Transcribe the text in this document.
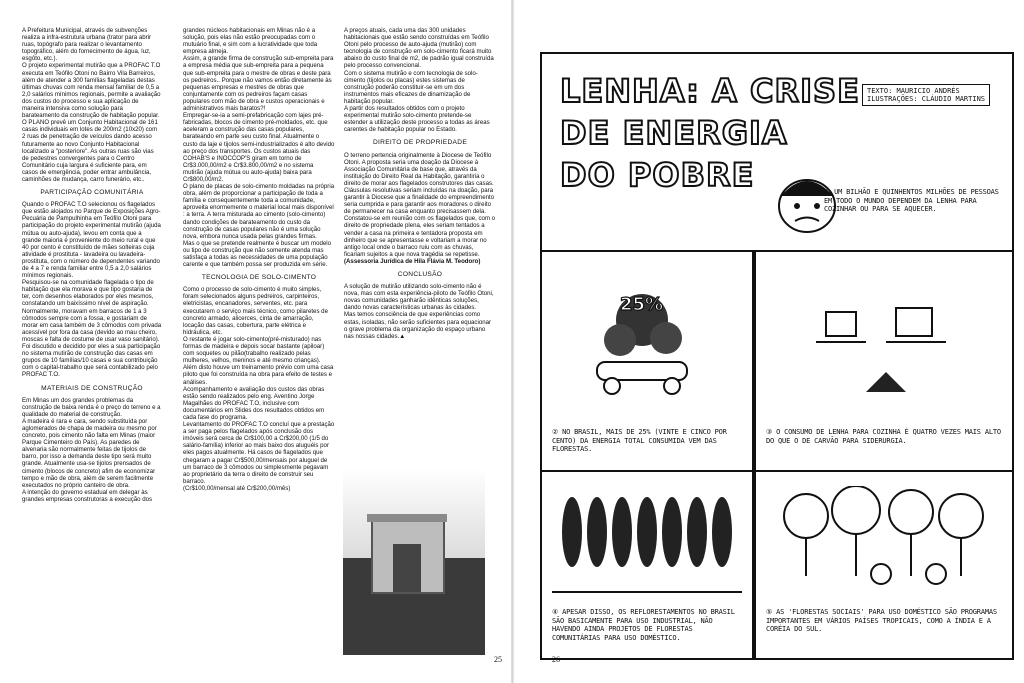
A Prefeitura Municipal, através de subvenções realiza a infra-estrutura urbana (trator para abrir ruas, topógrafo para realizar o levantamento topográfico, além do fornecimento de água, luz, esgôto, etc.).

O projeto experimental mutirão que a PROFAC T.O executa em Teófilo Otoni no Bairro Vila Barreiros, além de atender a 300 famílias flageladas destas últimas chuvas com renda mensal familiar de 0,5 a 2,0 salários mínimos regionais, permite a avaliação dos custos do processo e sua aplicação de maneira intensiva como solução para barateamento da construção de habitação popular.

O PLANO prevê um Conjunto Habitacional de 161 casas individuais em lotes de 200m2 (10x20) com 2 ruas de penetração de veículos dando acesso futuramente ao novo Conjunto Habitacional localizado a "posteriore". As outras ruas são vias de pedestres convergentes para o Centro Comunitário cuja largura é suficiente para, em casos de emergência, poder entrar ambulância, caminhões de mudança, carro funerário, etc..

PARTICIPAÇÃO COMUNITÁRIA

Quando o PROFAC T.O selecionou os flagelados que estão alojados no Parque de Exposições Agro-Pecuária de Pampulhinha em Teófilo Otoni para participação do projeto experimental mutirão (ajuda mútua ou auto-ajuda), levou em conta que a grande maioria é proveniente do meio rural e que 40 por cento é constituído de mães solteiras cuja atividade é prostituta - lavadeira ou lavadeira-prostituta, com o número de dependentes variando de 4 a 7 e renda familiar entre 0,5 a 2,0 salários mínimos regionais.

Pesquisou-se na comunidade flagelada o tipo de habitação que ela morava e que tipo gostaria de ter, com desenhos elaborados por eles mesmos, constatando um baixíssimo nível de aspiração. Normalmente, moravam em barracos de 1 a 3 cômodos sempre com a fossa, e gostariam de morar em casa também de 3 cômodos com privada acessível por fora da casa (devido ao mau cheiro, moscas e falta de costume de usar vaso sanitário). Foi discutido e decidido por eles a sua participação no sistema mutirão de construção das casas em grupos de 10 famílias/10 casas e sua contribuição com o capital-trabalho que será contabilizado pelo PROFAC T.O.

MATERIAIS DE CONSTRUÇÃO

Em Minas um dos grandes problemas da construção de baixa renda é o preço do terreno e a qualidade do material de construção.

A madeira é rara e cara, sendo substituída por aglomerados de chapa de madeira ou mesmo por concreto, pois cimento não falta em Minas (maior Parque Cimenteiro do País). As paredes de alvenaria são normalmente feitas de tijolos de barro, por isso a demanda deste tipo será muito grande. Atualmente usa-se tijolos prensados de cimento (blocos de concreto) afim de economizar tempo e mão de obra, além de serem facilmente executados no próprio canteiro de obra.

A intenção do governo estadual em delegar às grandes empresas construtoras a execução dos

grandes núcleos habitacionais em Minas não é a solução, pois elas não estão preocupadas com o mutuário final, e sim com a lucratividade que toda empresa almeja.

Assim, a grande firma de construção sub-empreita para a empresa média que sub-empreita para a pequena que sub-empreita para o mestre de obras e deste para os pedreiros.. Porque não vamos então diretamente às pequenas empresas e mestres de obras que conjuntamente com os pedreiros façam casas populares com mão de obra e custos operacionais e administrativos mais baratos?!

Empregar-se-ia a semi-prefabricação com lajes pré-fabricadas, blocos de cimento pré-moldados, etc. que aceleram a construção das casas populares, barateando em parte seu custo final. Atualmente o custo da laje e tijolos semi-industrializados é alto devido ao preço dos transportes. Os custos atuais das COHAB'S e INOCCOP'S giram em torno de Cr$3.000,00/m2 e Cr$3.800,00/m2 e no sistema mutirão (ajuda mútua ou auto-ajuda) baixa para Cr$800,00/m2.

O plano de placas de solo-cimento moldadas na própria obra, além de proporcionar a participação de toda a família e consequentemente toda a comunidade, aproveita enormemente o material local mais disponível : a terra. A terra misturada ao cimento (solo-cimento) dando condições de barateamento do custo da construção de casas populares não é uma solução nova, embora nunca usada pelas grandes firmas.

Mas o que se pretende realmente é buscar um modelo ou tipo de construção que não somente atenda mas satisfaça a todas as necessidades de uma população carente e que também possa ser produzida em série.

TECNOLOGIA DE SOLO-CIMENTO

Como o processo de solo-cimento é muito simples, foram selecionados alguns pedreiros, carpinteiros, eletricistas, encanadores, serventes, etc. para executarem o serviço mais técnico, como pilaretes de concreto armado, alicerces, cinta de amarração, locação das casas, cobertura, parte elétrica e hidráulica, etc.

O restante é jogar solo-cimento(pré-misturado) nas formas de madeira e depois socar bastante (apiloar) com soquetes ou pilão(trabalho realizado pelas mulheres, velhos, meninos e até mesmo crianças).

Além disto houve um treinamento prévio com uma casa piloto que foi construída na obra para efeito de testes e análises.

Acompanhamento e avaliação dos custos das obras estão sendo realizados pelo eng. Aventino Jorge Magalhães do PROFAC T.O, inclusive com documentários em Slides dos resultados obtidos em cada fase do programa.

Levantamento do PROFAC T.O concluí que a prestação a ser paga pelos flagelados após conclusão dos imóveis será cerca de Cr$100,00 a Cr$200,00 (1/5 do salário-família) inferior ao mais baixo dos aluguéis por eles pagos atualmente. Há casos de flagelados que chegaram a pagar Cr$500,00/mensais por aluguel de um barraco de 3 cômodos ou simplesmente pegavam ao proprietário da terra o direito de construir seu barraco.

(Cr$100,00/mensal até Cr$200,00/mês)

A preços atuais, cada uma das 300 unidades habitacionais que estão sendo construídas em Teófilo Otoni pelo processo de auto-ajuda (mutirão) com tecnologia de construção em solo-cimento ficará muito abaixo do custo final de m2, de padrão igual construída pelo processo convencional.

Com o sistema mutirão e com tecnologia de solo-cimento (tijolos ou placas) estes sistemas de construção poderão constituir-se em um dos instrumentos mais eficazes de dinamização de habitação popular.

A partir dos resultados obtidos com o projeto experimental mutirão solo-cimento pretende-se estender a utilização deste processo a todas as áreas carentes de habitação popular no Estado.

DIREITO DE PROPRIEDADE

O terreno pertencia originalmente à Diocese de Teófilo Otoni. A proposta seria uma doação da Diocese à Associação Comunitária de base que, através da instituição do Direito Real da Habitação, garantiria o direito de morar aos flagelados construtores das casas. Cláusulas resolutivas seriam incluídas na doação, para garantir à Diocese que a finalidade do empreendimento seria cumprida e para garantir aos moradores o direito de permanecer na casa enquanto precisassem dela.

Constatou-se em reunião com os flagelados que, com o direito de propriedade plena, eles seriam tentados a vender a casa na primeira e tentadora proposta em dinheiro que se apresentasse e voltariam a morar no antigo local onde o barraco ruiu com as chuvas, ficariam sujeitos a que nova tragédia se repetisse.

(Assessoria Jurídica de Hila Flávia M. Teodoro)

CONCLUSÃO

A solução de mutirão utilizando solo-cimento não é nova, mas com esta experiência-piloto de Teófilo Otoni, novas comunidades ganharão idênticas soluções, dando novas características urbanas às cidades.

Mas temos consciência de que experiências como estas, isoladas, não serão suficientes para equacionar o grave problema da organização do espaço urbano nas nossas cidades.▲

25
LENHA: A CRISE
DE ENERGIA
DO POBRE
TEXTO: MAURICIO ANDRÉS
ILUSTRAÇÕES: CLÁUDIO MARTINS
① UM BILHÃO E QUINHENTOS MILHÕES DE PESSOAS EM TODO O MUNDO DEPENDEM DA LENHA PARA COZINHAR OU PARA SE AQUECER.
25%
② NO BRASIL, MAIS DE 25% (VINTE E CINCO POR CENTO) DA ENERGIA TOTAL CONSUMIDA VEM DAS FLORESTAS.
③ O CONSUMO DE LENHA PARA COZINHA É QUATRO VEZES MAIS ALTO DO QUE O DE CARVÃO PARA SIDERURGIA.
④ APESAR DISSO, OS REFLORESTAMENTOS NO BRASIL SÃO BASICAMENTE PARA USO INDUSTRIAL, NÃO HAVENDO AINDA PROJETOS DE FLORESTAS COMUNITÁRIAS PARA USO DOMÉSTICO.
⑤ AS 'FLORESTAS SOCIAIS' PARA USO DOMÉSTICO SÃO PROGRAMAS IMPORTANTES EM VÁRIOS PAÍSES TROPICAIS, COMO A ÍNDIA E A CORÉIA DO SUL.
26
